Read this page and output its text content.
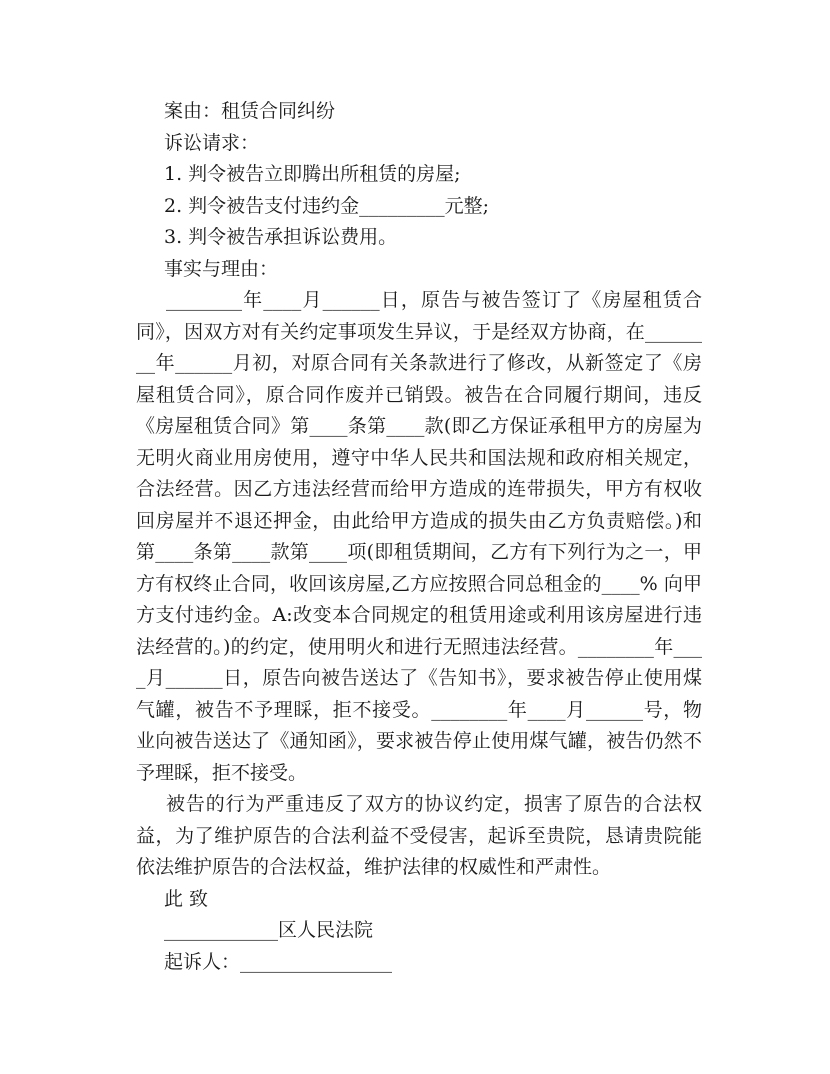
案由：租赁合同纠纷
诉讼请求：
1. 判令被告立即腾出所租赁的房屋;
2. 判令被告支付违约金_________元整;
3. 判令被告承担诉讼费用。
事实与理由：
________年____月______日，原告与被告签订了《房屋租赁合同》，因双方对有关约定事项发生异议，于是经双方协商，在________年______月初，对原合同有关条款进行了修改，从新签定了《房屋租赁合同》，原合同作废并已销毁。被告在合同履行期间，违反《房屋租赁合同》第____条第____款(即乙方保证承租甲方的房屋为无明火商业用房使用，遵守中华人民共和国法规和政府相关规定，合法经营。因乙方违法经营而给甲方造成的连带损失，甲方有权收回房屋并不退还押金，由此给甲方造成的损失由乙方负责赔偿。)和第____条第____款第____项(即租赁期间，乙方有下列行为之一，甲方有权终止合同，收回该房屋,乙方应按照合同总租金的____% 向甲方支付违约金。A:改变本合同规定的租赁用途或利用该房屋进行违法经营的。)的约定，使用明火和进行无照违法经营。________年____月______日，原告向被告送达了《告知书》，要求被告停止使用煤气罐，被告不予理睬，拒不接受。________年____月______号，物业向被告送达了《通知函》，要求被告停止使用煤气罐，被告仍然不予理睬，拒不接受。
被告的行为严重违反了双方的协议约定，损害了原告的合法权益，为了维护原告的合法利益不受侵害，起诉至贵院，恳请贵院能依法维护原告的合法权益，维护法律的权威性和严肃性。
此 致
____________区人民法院
起诉人：________________
